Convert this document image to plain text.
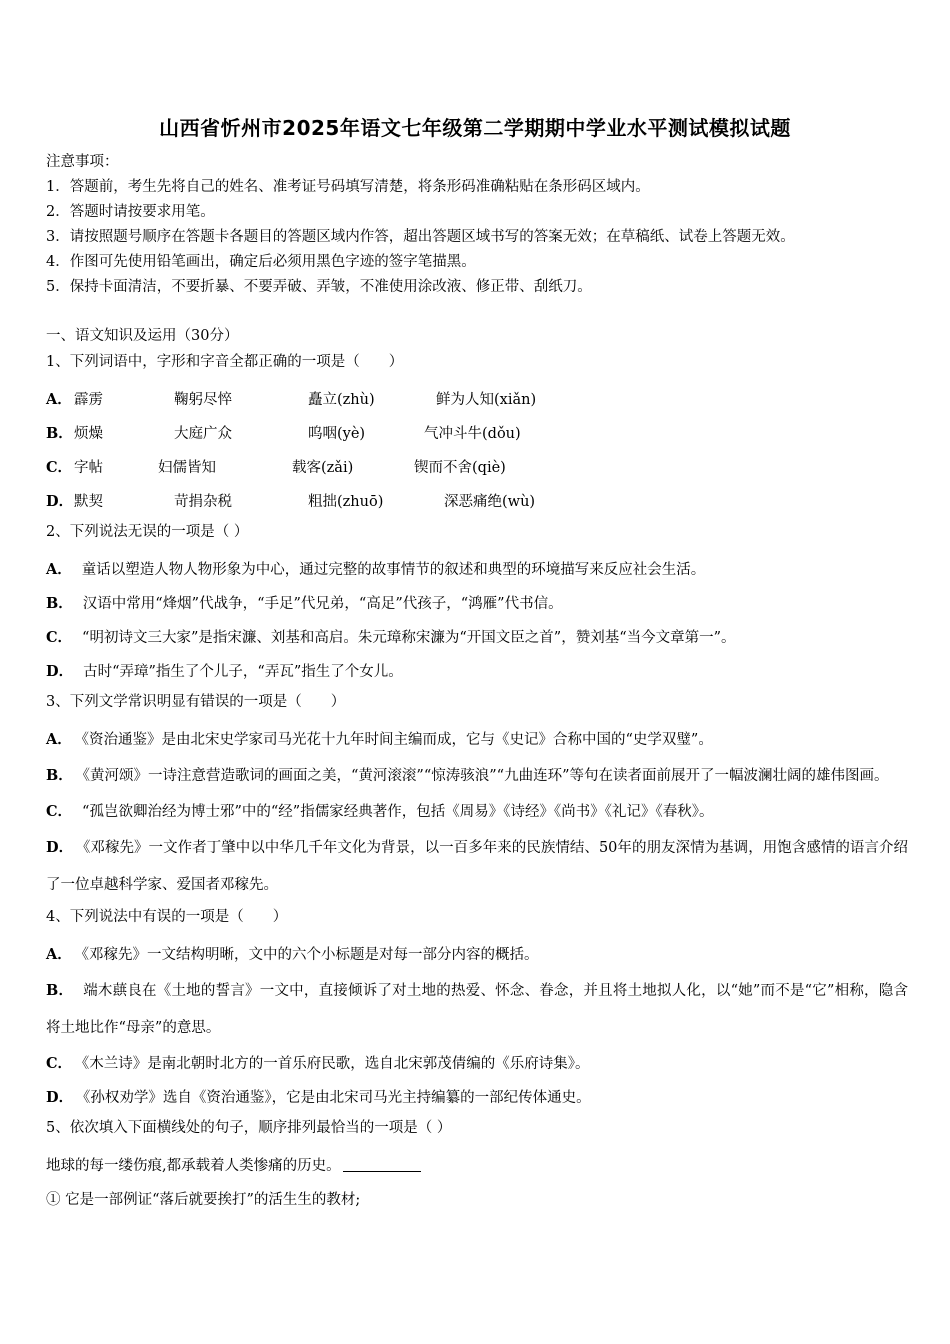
山西省忻州市2025年语文七年级第二学期期中学业水平测试模拟试题
注意事项：
1．答题前，考生先将自己的姓名、准考证号码填写清楚，将条形码准确粘贴在条形码区域内。
2．答题时请按要求用笔。
3．请按照题号顺序在答题卡各题目的答题区域内作答，超出答题区域书写的答案无效；在草稿纸、试卷上答题无效。
4．作图可先使用铅笔画出，确定后必须用黑色字迹的签字笔描黑。
5．保持卡面清洁，不要折暴、不要弄破、弄皱，不准使用涂改液、修正带、刮纸刀。
一、语文知识及运用（30分）
1、下列词语中，字形和字音全都正确的一项是（　　）
A． 霹雳	鞠躬尽悴	矗立(zhù)	鲜为人知(xiǎn)
B．烦燥	大庭广众	呜咽(yè)	气冲斗牛(dǒu)
C． 字帖	妇儒皆知	载客(zǎi)	锲而不舍(qiè)
D．默契	苛捐杂税	粗拙(zhuō)	深恶痛绝(wù)
2、下列说法无误的一项是（ ）
A． 童话以塑造人物人物形象为中心，通过完整的故事情节的叙述和典型的环境描写来反应社会生活。
B． 汉语中常用“烽烟”代战争，“手足”代兄弟，“高足”代孩子，“鸿雁”代书信。
C． “明初诗文三大家”是指宋濂、刘基和高启。朱元璋称宋濂为“开国文臣之首”，赞刘基“当今文章第一”。
D． 古时“弄璋”指生了个儿子，“弄瓦”指生了个女儿。
3、下列文学常识明显有错误的一项是（　　）
A． 《资治通鉴》是由北宋史学家司马光花十九年时间主编而成，它与《史记》合称中国的“史学双璧”。
B． 《黄河颂》一诗注意营造歌词的画面之美，“黄河滚滚”“惊涛骇浪”“九曲连环”等句在读者面前展开了一幅波澜壮阔的雄伟图画。
C． “孤岂欲卿治经为博士邪”中的“经”指儒家经典著作，包括《周易》《诗经》《尚书》《礼记》《春秋》。
D． 《邓稼先》一文作者丁肇中以中华几千年文化为背景，以一百多年来的民族情结、50年的朋友深情为基调，用饱含感情的语言介绍了一位卓越科学家、爱国者邓稼先。
4、下列说法中有误的一项是（　　）
A． 《邓稼先》一文结构明晰，文中的六个小标题是对每一部分内容的概括。
B． 端木蕻良在《土地的誓言》一文中，直接倾诉了对土地的热爱、怀念、眷念，并且将土地拟人化，以“她”而不是“它”相称，隐含将土地比作“母亲”的意思。
C． 《木兰诗》是南北朝时北方的一首乐府民歌，选自北宋郭茂倩编的《乐府诗集》。
D． 《孙权劝学》选自《资治通鉴》，它是由北宋司马光主持编纂的一部纪传体通史。
5、依次填入下面横线处的句子，顺序排列最恰当的一项是（ ）
地球的每一缕伤痕,都承载着人类惨痛的历史。
① 它是一部例证“落后就要挨打”的活生生的教材;
